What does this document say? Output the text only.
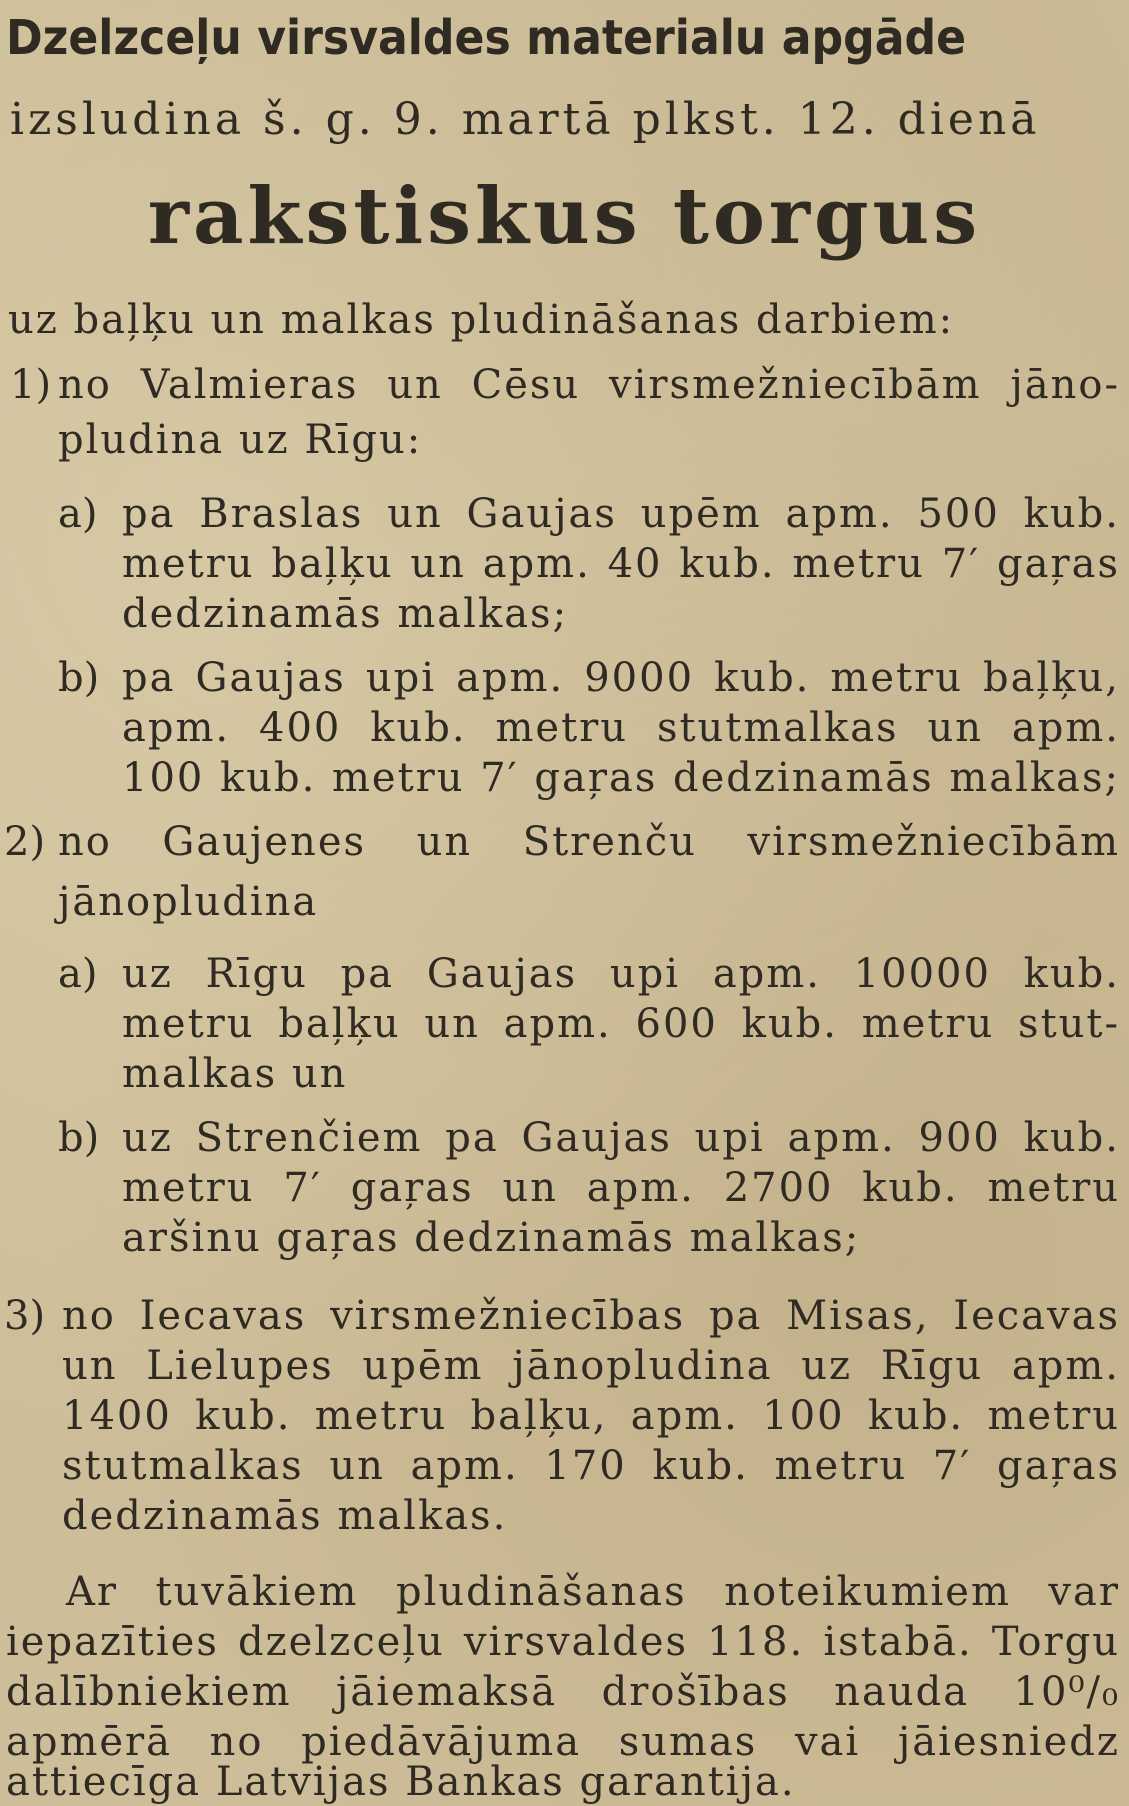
Dzelzceļu virsvaldes materialu apgāde
izsludina š. g. 9. martā plkst. 12. dienā
rakstiskus torgus
uz baļķu un malkas pludināšanas darbiem:
1) no Valmieras un Cēsu virsmežniecībām jāno-
pludina uz Rīgu:
a) pa Braslas un Gaujas upēm apm. 500 kub.
metru baļķu un apm. 40 kub. metru 7′ gaŗas
dedzinamās malkas;
b) pa Gaujas upi apm. 9000 kub. metru baļķu,
apm. 400 kub. metru stutmalkas un apm.
100 kub. metru 7′ gaŗas dedzinamās malkas;
2) no Gaujenes un Strenču virsmežniecībām
jānopludina
a) uz Rīgu pa Gaujas upi apm. 10000 kub.
metru baļķu un apm. 600 kub. metru stut-
malkas un
b) uz Strenčiem pa Gaujas upi apm. 900 kub.
metru 7′ gaŗas un apm. 2700 kub. metru
aršinu gaŗas dedzinamās malkas;
3) no Iecavas virsmežniecības pa Misas, Iecavas
un Lielupes upēm jānopludina uz Rīgu apm.
1400 kub. metru baļķu, apm. 100 kub. metru
stutmalkas un apm. 170 kub. metru 7′ gaŗas
dedzinamās malkas.
Ar tuvākiem pludināšanas noteikumiem var
iepazīties dzelzceļu virsvaldes 118. istabā. Torgu
dalībniekiem jāiemaksā drošības nauda 10⁰/₀
apmērā no piedāvājuma sumas vai jāiesniedz
attiecīga Latvijas Bankas garantija.
